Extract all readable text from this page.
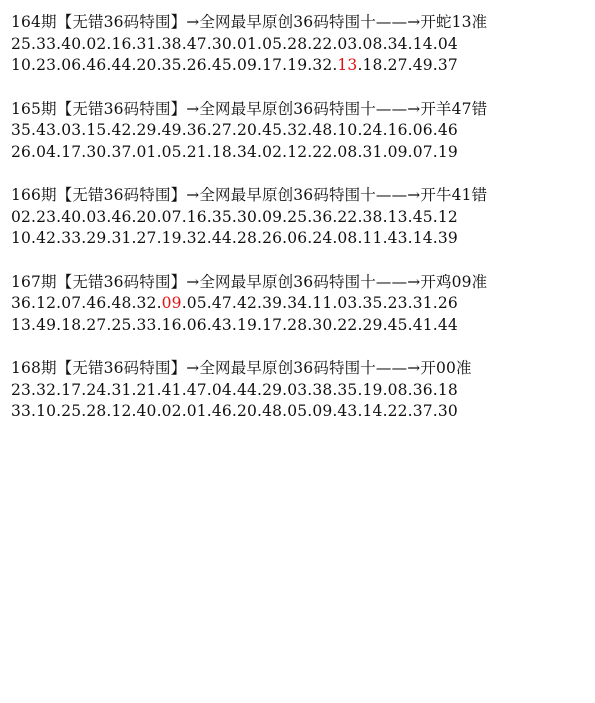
164期【无错36码特围】→全网最早原创36码特围十——→开蛇13准
25.33.40.02.16.31.38.47.30.01.05.28.22.03.08.34.14.04
10.23.06.46.44.20.35.26.45.09.17.19.32.13.18.27.49.37
165期【无错36码特围】→全网最早原创36码特围十——→开羊47错
35.43.03.15.42.29.49.36.27.20.45.32.48.10.24.16.06.46
26.04.17.30.37.01.05.21.18.34.02.12.22.08.31.09.07.19
166期【无错36码特围】→全网最早原创36码特围十——→开牛41错
02.23.40.03.46.20.07.16.35.30.09.25.36.22.38.13.45.12
10.42.33.29.31.27.19.32.44.28.26.06.24.08.11.43.14.39
167期【无错36码特围】→全网最早原创36码特围十——→开鸡09准
36.12.07.46.48.32.09.05.47.42.39.34.11.03.35.23.31.26
13.49.18.27.25.33.16.06.43.19.17.28.30.22.29.45.41.44
168期【无错36码特围】→全网最早原创36码特围十——→开00准
23.32.17.24.31.21.41.47.04.44.29.03.38.35.19.08.36.18
33.10.25.28.12.40.02.01.46.20.48.05.09.43.14.22.37.30
